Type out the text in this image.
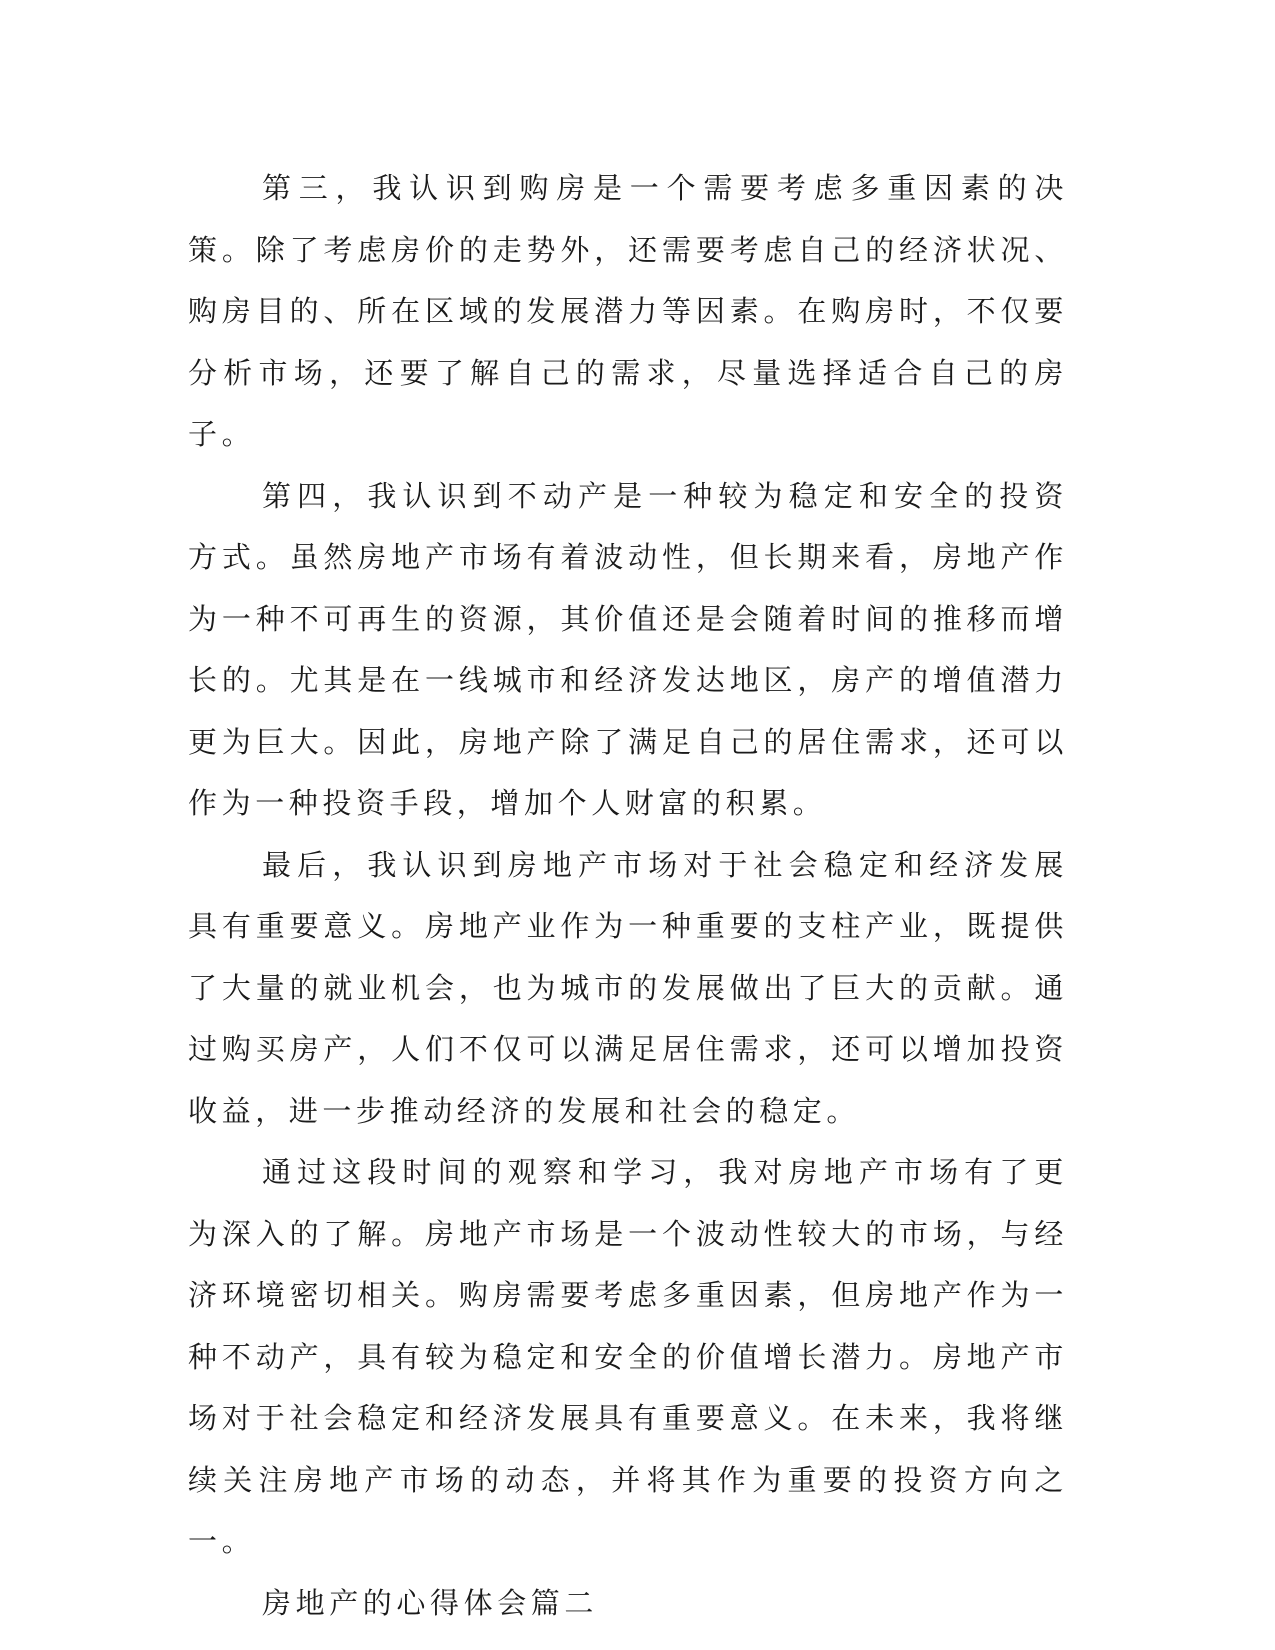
第三，我认识到购房是一个需要考虑多重因素的决策。除了考虑房价的走势外，还需要考虑自己的经济状况、购房目的、所在区域的发展潜力等因素。在购房时，不仅要分析市场，还要了解自己的需求，尽量选择适合自己的房子。

第四，我认识到不动产是一种较为稳定和安全的投资方式。虽然房地产市场有着波动性，但长期来看，房地产作为一种不可再生的资源，其价值还是会随着时间的推移而增长的。尤其是在一线城市和经济发达地区，房产的增值潜力更为巨大。因此，房地产除了满足自己的居住需求，还可以作为一种投资手段，增加个人财富的积累。

最后，我认识到房地产市场对于社会稳定和经济发展具有重要意义。房地产业作为一种重要的支柱产业，既提供了大量的就业机会，也为城市的发展做出了巨大的贡献。通过购买房产，人们不仅可以满足居住需求，还可以增加投资收益，进一步推动经济的发展和社会的稳定。

通过这段时间的观察和学习，我对房地产市场有了更为深入的了解。房地产市场是一个波动性较大的市场，与经济环境密切相关。购房需要考虑多重因素，但房地产作为一种不动产，具有较为稳定和安全的价值增长潜力。房地产市场对于社会稳定和经济发展具有重要意义。在未来，我将继续关注房地产市场的动态，并将其作为重要的投资方向之一。

房地产的心得体会篇二
